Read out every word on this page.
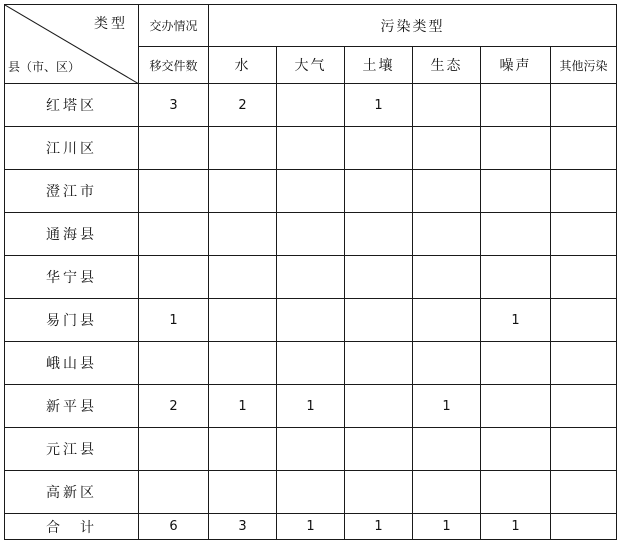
类型
县（市、区）	交办情况	污染类型					
	移交件数	水	大气	土壤	生态	噪声	其他污染
红塔区	3	2		1			
江川区							
澄江市							
通海县							
华宁县							
易门县	1					1	
峨山县							
新平县	2	1	1		1		
元江县							
高新区							
合　计	6	3	1	1	1	1	
